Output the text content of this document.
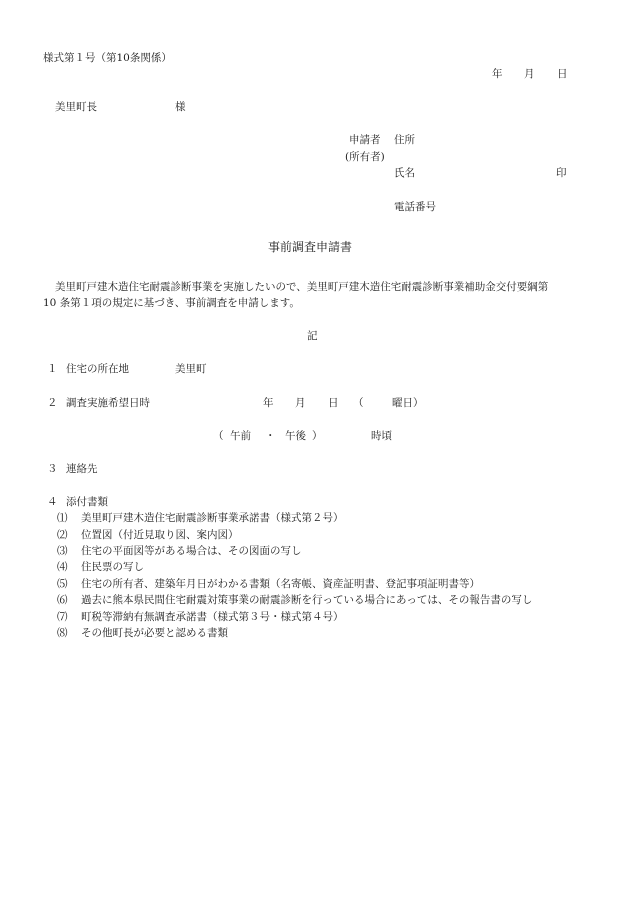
様式第１号（第10条関係）
年 月 日
美里町長	様
申請者 住所
(所有者)
氏名	印
電話番号
事前調査申請書
美里町戸建木造住宅耐震診断事業を実施したいので、美里町戸建木造住宅耐震診断事業補助金交付要綱第
10 条第１項の規定に基づき、事前調査を申請します。
記
１ 住宅の所在地	美里町
２ 調査実施希望日時	年 月 日 （	曜日）
（ 午前 ・ 午後 ）	時頃
３ 連絡先
４ 添付書類
⑴ 美里町戸建木造住宅耐震診断事業承諾書（様式第２号）
⑵ 位置図（付近見取り図、案内図）
⑶ 住宅の平面図等がある場合は、その図面の写し
⑷ 住民票の写し
⑸ 住宅の所有者、建築年月日がわかる書類（名寄帳、資産証明書、登記事項証明書等）
⑹ 過去に熊本県民間住宅耐震対策事業の耐震診断を行っている場合にあっては、その報告書の写し
⑺ 町税等滞納有無調査承諾書（様式第３号・様式第４号）
⑻ その他町長が必要と認める書類
